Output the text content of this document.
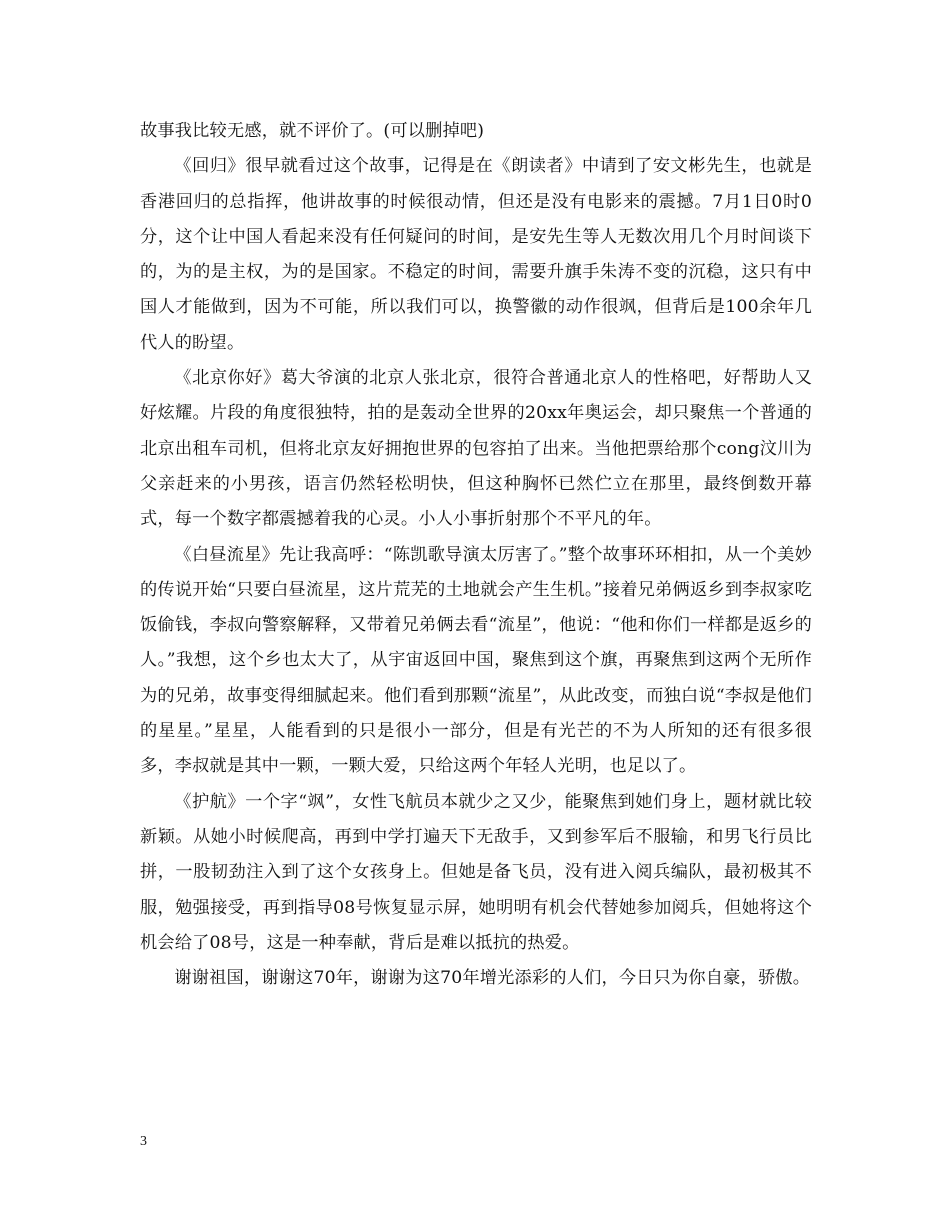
故事我比较无感，就不评价了。(可以删掉吧)

《回归》很早就看过这个故事，记得是在《朗读者》中请到了安文彬先生，也就是香港回归的总指挥，他讲故事的时候很动情，但还是没有电影来的震撼。7月1日0时0分，这个让中国人看起来没有任何疑问的时间，是安先生等人无数次用几个月时间谈下的，为的是主权，为的是国家。不稳定的时间，需要升旗手朱涛不变的沉稳，这只有中国人才能做到，因为不可能，所以我们可以，换警徽的动作很飒，但背后是100余年几代人的盼望。

《北京你好》葛大爷演的北京人张北京，很符合普通北京人的性格吧，好帮助人又好炫耀。片段的角度很独特，拍的是轰动全世界的20xx年奥运会，却只聚焦一个普通的北京出租车司机，但将北京友好拥抱世界的包容拍了出来。当他把票给那个cong汶川为父亲赶来的小男孩，语言仍然轻松明快，但这种胸怀已然伫立在那里，最终倒数开幕式，每一个数字都震撼着我的心灵。小人小事折射那个不平凡的年。

《白昼流星》先让我高呼：“陈凯歌导演太厉害了。”整个故事环环相扣，从一个美妙的传说开始“只要白昼流星，这片荒芜的土地就会产生生机。”接着兄弟俩返乡到李叔家吃饭偷钱，李叔向警察解释，又带着兄弟俩去看“流星”，他说：“他和你们一样都是返乡的人。”我想，这个乡也太大了，从宇宙返回中国，聚焦到这个旗，再聚焦到这两个无所作为的兄弟，故事变得细腻起来。他们看到那颗“流星”，从此改变，而独白说“李叔是他们的星星。”星星，人能看到的只是很小一部分，但是有光芒的不为人所知的还有很多很多，李叔就是其中一颗，一颗大爱，只给这两个年轻人光明，也足以了。

《护航》一个字“飒”，女性飞航员本就少之又少，能聚焦到她们身上，题材就比较新颖。从她小时候爬高，再到中学打遍天下无敌手，又到参军后不服输，和男飞行员比拼，一股韧劲注入到了这个女孩身上。但她是备飞员，没有进入阅兵编队，最初极其不服，勉强接受，再到指导08号恢复显示屏，她明明有机会代替她参加阅兵，但她将这个机会给了08号，这是一种奉献，背后是难以抵抗的热爱。

谢谢祖国，谢谢这70年，谢谢为这70年增光添彩的人们，今日只为你自豪，骄傲。

3
